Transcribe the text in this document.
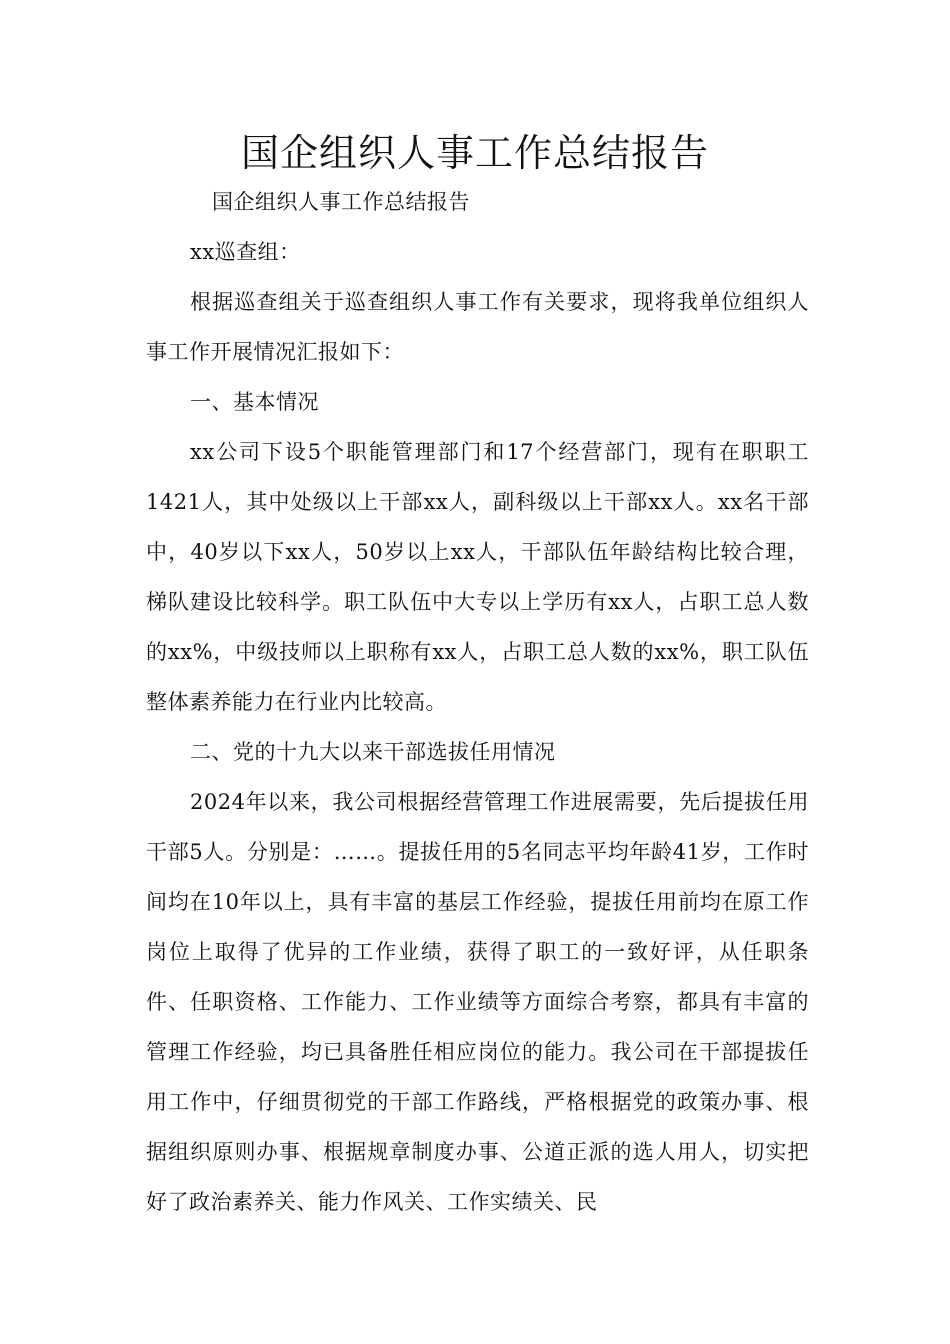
国企组织人事工作总结报告

国企组织人事工作总结报告

xx巡查组：

根据巡查组关于巡查组织人事工作有关要求，现将我单位组织人事工作开展情况汇报如下：

一、基本情况

xx公司下设5个职能管理部门和17个经营部门，现有在职职工1421人，其中处级以上干部xx人，副科级以上干部xx人。xx名干部中，40岁以下xx人，50岁以上xx人，干部队伍年龄结构比较合理，梯队建设比较科学。职工队伍中大专以上学历有xx人，占职工总人数的xx%，中级技师以上职称有xx人，占职工总人数的xx%，职工队伍整体素养能力在行业内比较高。

二、党的十九大以来干部选拔任用情况

2024年以来，我公司根据经营管理工作进展需要，先后提拔任用干部5人。分别是：……。提拔任用的5名同志平均年龄41岁，工作时间均在10年以上，具有丰富的基层工作经验，提拔任用前均在原工作岗位上取得了优异的工作业绩，获得了职工的一致好评，从任职条件、任职资格、工作能力、工作业绩等方面综合考察，都具有丰富的管理工作经验，均已具备胜任相应岗位的能力。我公司在干部提拔任用工作中，仔细贯彻党的干部工作路线，严格根据党的政策办事、根据组织原则办事、根据规章制度办事、公道正派的选人用人，切实把好了政治素养关、能力作风关、工作实绩关、民
